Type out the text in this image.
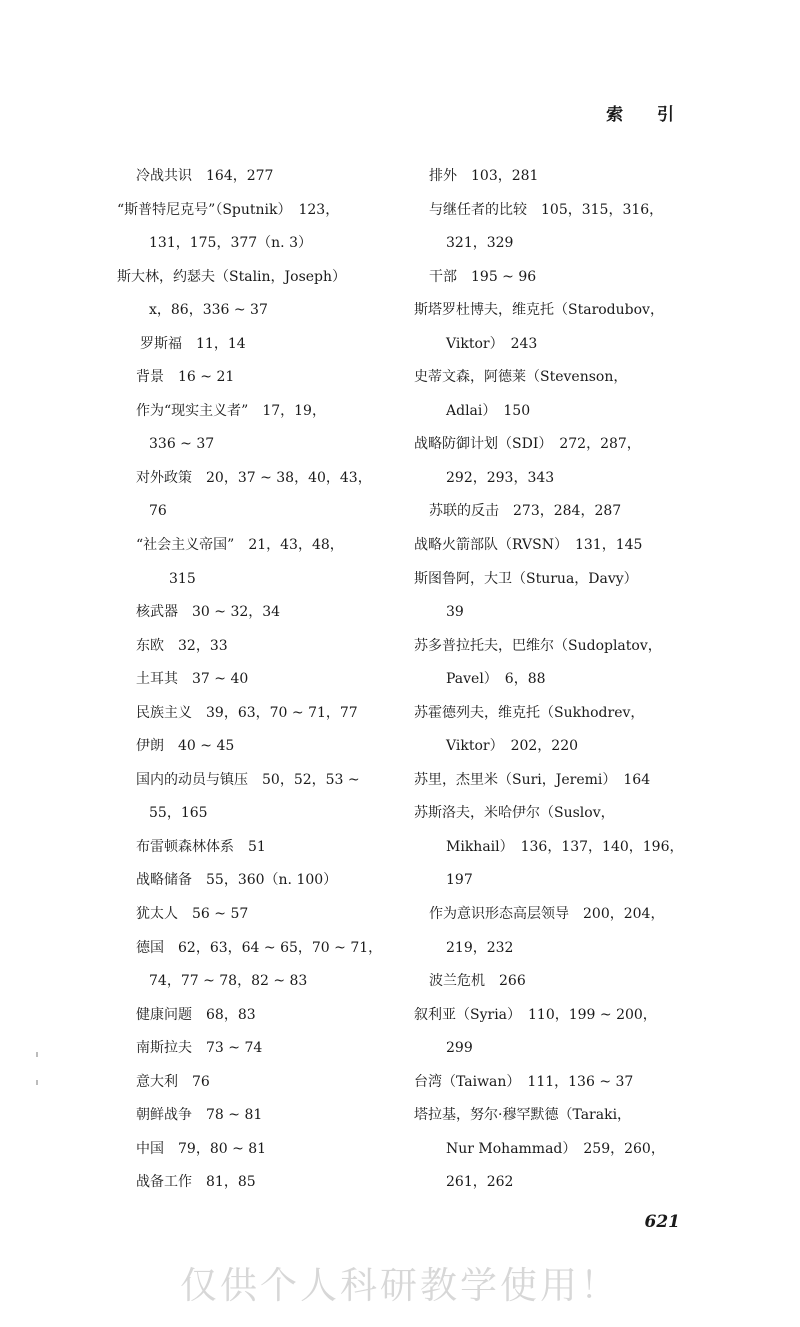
索 引
冷战共识　164，277
“斯普特尼克号”（Sputnik）　123，
131，175，377（n. 3）
斯大林，约瑟夫（Stalin，Joseph）
x，86，336 ~ 37
罗斯福　11，14
背景　16 ~ 21
作为“现实主义者”　17，19，
336 ~ 37
对外政策　20，37 ~ 38，40，43，
76
“社会主义帝国”　21，43，48，
315
核武器　30 ~ 32，34
东欧　32，33
土耳其　37 ~ 40
民族主义　39，63，70 ~ 71，77
伊朗　40 ~ 45
国内的动员与镇压　50，52，53 ~
55，165
布雷顿森林体系　51
战略储备　55，360（n. 100）
犹太人　56 ~ 57
德国　62，63，64 ~ 65，70 ~ 71，
74，77 ~ 78，82 ~ 83
健康问题　68，83
南斯拉夫　73 ~ 74
意大利　76
朝鲜战争　78 ~ 81
中国　79，80 ~ 81
战备工作　81，85
排外　103，281
与继任者的比较　105，315，316，
321，329
干部　195 ~ 96
斯塔罗杜博夫，维克托（Starodubov，
Viktor）　243
史蒂文森，阿德莱（Stevenson，
Adlai）　150
战略防御计划（SDI）　272，287，
292，293，343
苏联的反击　273，284，287
战略火箭部队（RVSN）　131，145
斯图鲁阿，大卫（Sturua，Davy）
39
苏多普拉托夫，巴维尔（Sudoplatov，
Pavel）　6，88
苏霍德列夫，维克托（Sukhodrev，
Viktor）　202，220
苏里，杰里米（Suri，Jeremi）　164
苏斯洛夫，米哈伊尔（Suslov，
Mikhail）　136，137，140，196，
197
作为意识形态高层领导　200，204，
219，232
波兰危机　266
叙利亚（Syria）　110，199 ~ 200，
299
台湾（Taiwan）　111，136 ~ 37
塔拉基，努尔·穆罕默德（Taraki，
Nur Mohammad）　259，260，
261，262
621
仅供个人科研教学使用！
